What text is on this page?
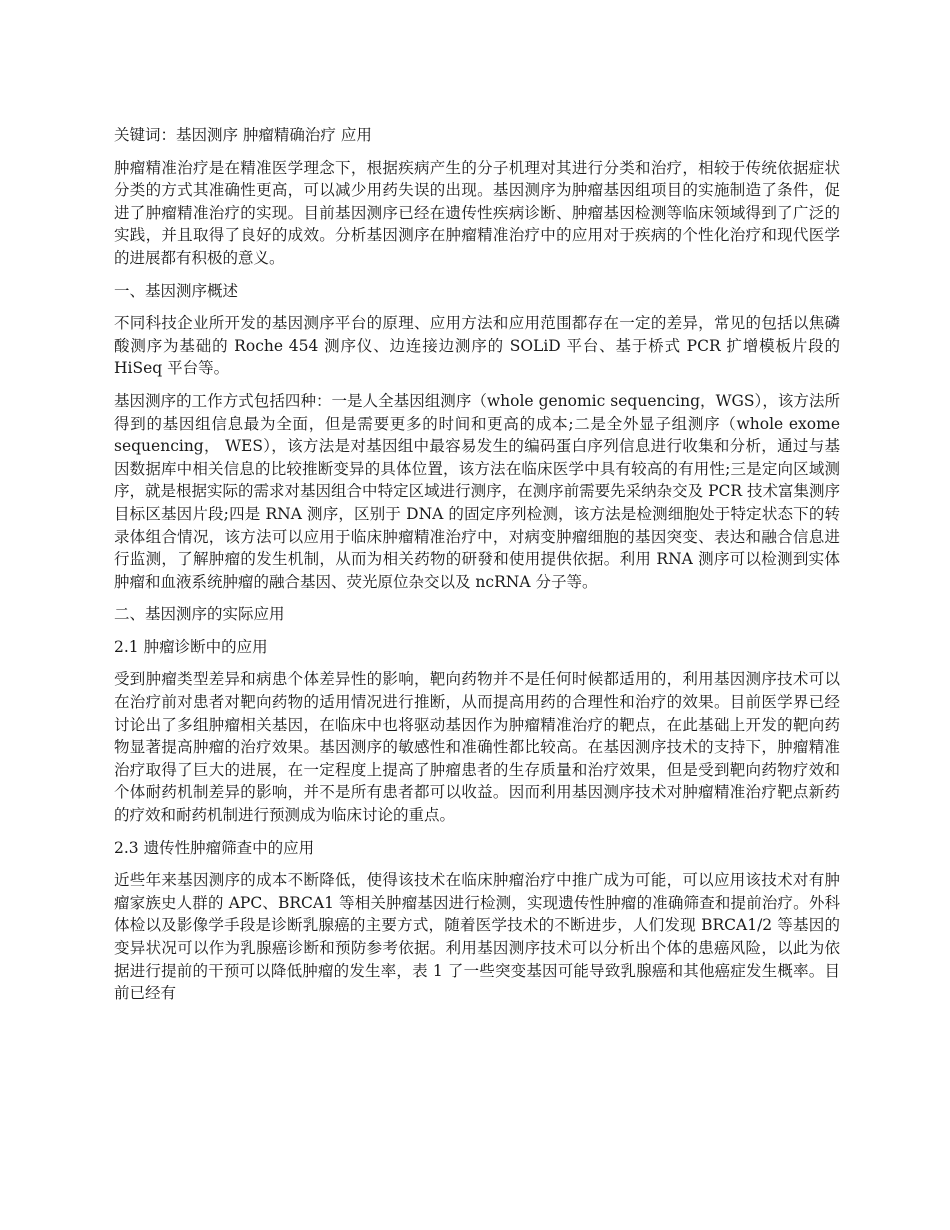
关键词：基因测序 肿瘤精确治疗 应用

肿瘤精准治疗是在精准医学理念下，根据疾病产生的分子机理对其进行分类和治疗，相较于传统依据症状分类的方式其准确性更高，可以减少用药失误的出现。基因测序为肿瘤基因组项目的实施制造了条件，促进了肿瘤精准治疗的实现。目前基因测序已经在遗传性疾病诊断、肿瘤基因检测等临床领域得到了广泛的实践，并且取得了良好的成效。分析基因测序在肿瘤精准治疗中的应用对于疾病的个性化治疗和现代医学的进展都有积极的意义。

一、基因测序概述

不同科技企业所开发的基因测序平台的原理、应用方法和应用范围都存在一定的差异，常见的包括以焦磷酸测序为基础的 Roche 454 测序仪、边连接边测序的 SOLiD 平台、基于桥式 PCR 扩增模板片段的 HiSeq 平台等。

基因测序的工作方式包括四种：一是人全基因组测序（whole genomic sequencing，WGS），该方法所得到的基因组信息最为全面，但是需要更多的时间和更高的成本;二是全外显子组测序（whole exome sequencing， WES），该方法是对基因组中最容易发生的编码蛋白序列信息进行收集和分析，通过与基因数据库中相关信息的比较推断变异的具体位置，该方法在临床医学中具有较高的有用性;三是定向区域测序，就是根据实际的需求对基因组合中特定区域进行测序，在测序前需要先采纳杂交及 PCR 技术富集测序目标区基因片段;四是 RNA 测序，区别于 DNA 的固定序列检测，该方法是检测细胞处于特定状态下的转录体组合情况，该方法可以应用于临床肿瘤精准治疗中，对病变肿瘤细胞的基因突变、表达和融合信息进行监测，了解肿瘤的发生机制，从而为相关药物的研發和使用提供依据。利用 RNA 测序可以检测到实体肿瘤和血液系统肿瘤的融合基因、荧光原位杂交以及 ncRNA 分子等。

二、基因测序的实际应用

2.1 肿瘤诊断中的应用

受到肿瘤类型差异和病患个体差异性的影响，靶向药物并不是任何时候都适用的，利用基因测序技术可以在治疗前对患者对靶向药物的适用情况进行推断，从而提高用药的合理性和治疗的效果。目前医学界已经讨论出了多组肿瘤相关基因，在临床中也将驱动基因作为肿瘤精准治疗的靶点，在此基础上开发的靶向药物显著提高肿瘤的治疗效果。基因测序的敏感性和准确性都比较高。在基因测序技术的支持下，肿瘤精准治疗取得了巨大的进展，在一定程度上提高了肿瘤患者的生存质量和治疗效果，但是受到靶向药物疗效和个体耐药机制差异的影响，并不是所有患者都可以收益。因而利用基因测序技术对肿瘤精准治疗靶点新药的疗效和耐药机制进行预测成为临床讨论的重点。

2.3 遗传性肿瘤筛查中的应用

近些年来基因测序的成本不断降低，使得该技术在临床肿瘤治疗中推广成为可能，可以应用该技术对有肿瘤家族史人群的 APC、BRCA1 等相关肿瘤基因进行检测，实现遗传性肿瘤的准确筛查和提前治疗。外科体检以及影像学手段是诊断乳腺癌的主要方式，随着医学技术的不断进步，人们发现 BRCA1/2 等基因的变异状况可以作为乳腺癌诊断和预防参考依据。利用基因测序技术可以分析出个体的患癌风险，以此为依据进行提前的干预可以降低肿瘤的发生率，表 1 了一些突变基因可能导致乳腺癌和其他癌症发生概率。目前已经有
